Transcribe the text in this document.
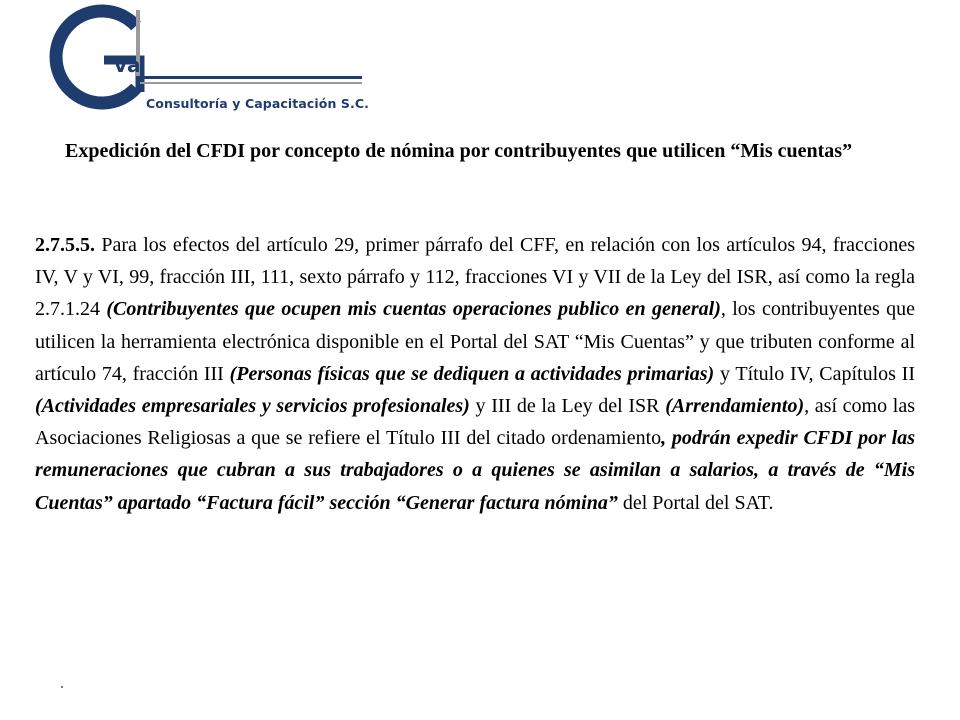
va
Consultoría y Capacitación S.C.
Expedición del CFDI por concepto de nómina por contribuyentes que utilicen “Mis cuentas”
2.7.5.5. Para los efectos del artículo 29, primer párrafo del CFF, en relación con los artículos 94, fracciones IV, V y VI, 99, fracción III, 111, sexto párrafo y 112, fracciones VI y VII de la Ley del ISR, así como la regla 2.7.1.24 (Contribuyentes que ocupen mis cuentas operaciones publico en general), los contribuyentes que utilicen la herramienta electrónica disponible en el Portal del SAT “Mis Cuentas” y que tributen conforme al artículo 74, fracción III (Personas físicas que se dediquen a actividades primarias) y Título IV, Capítulos II (Actividades empresariales y servicios profesionales) y III de la Ley del ISR (Arrendamiento), así como las Asociaciones Religiosas a que se refiere el Título III del citado ordenamiento, podrán expedir CFDI por las remuneraciones que cubran a sus trabajadores o a quienes se asimilan a salarios, a través de “Mis Cuentas” apartado “Factura fácil” sección “Generar factura nómina” del Portal del SAT.
